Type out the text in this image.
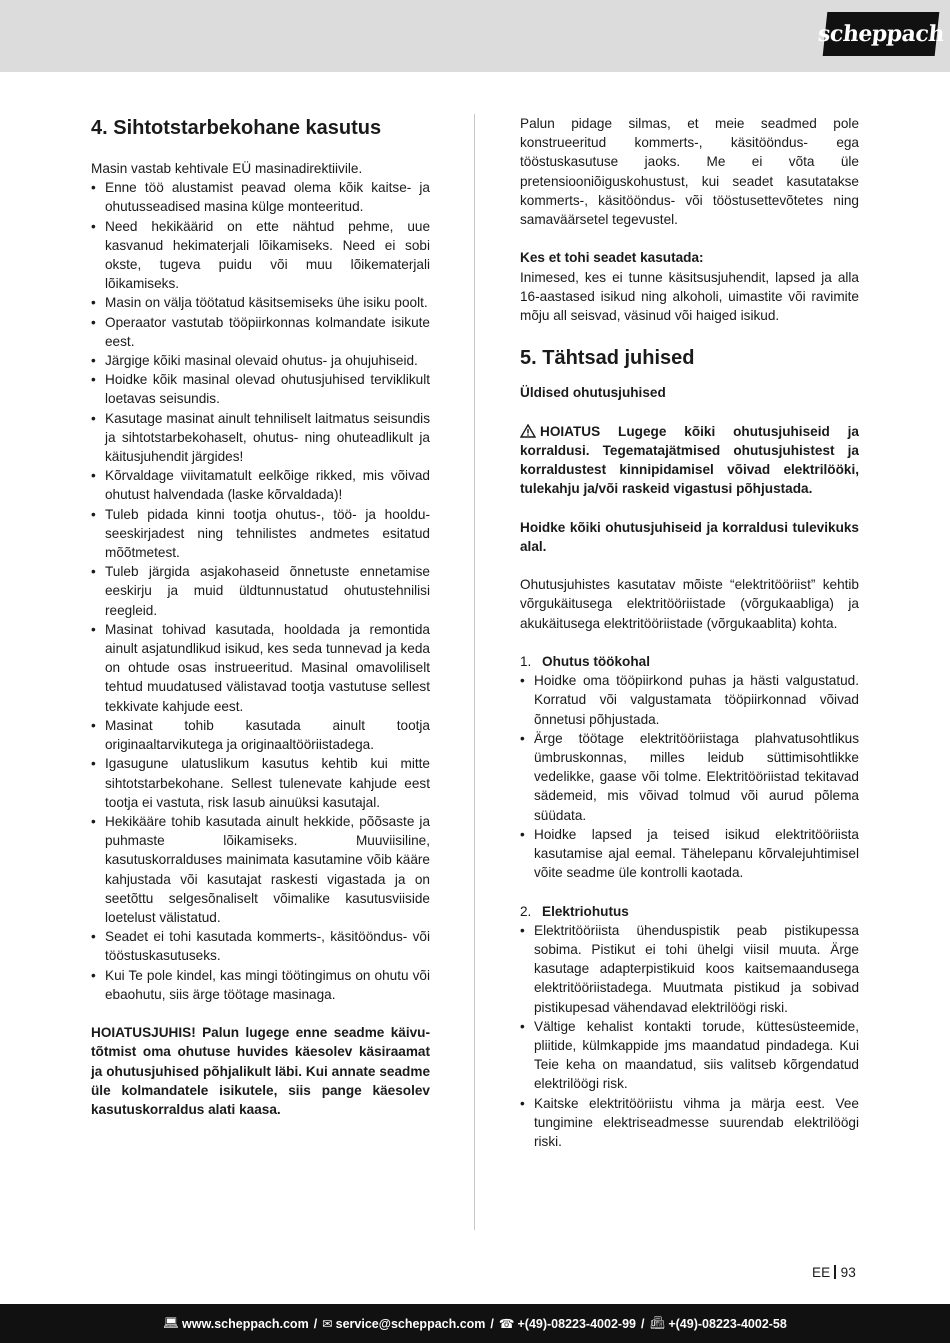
scheppach
4. Sihtotstarbekohane kasutus

Masin vastab kehtivale EÜ masinadirektiivile.

• Enne töö alustamist peavad olema kõik kaitse- ja ohutusseadised masina külge monteeritud.
• Need hekikäärid on ette nähtud pehme, uue kasvanud hekimaterjali lõikamiseks. Need ei sobi okste, tugeva puidu või muu lõikematerjali lõikamiseks.
• Masin on välja töötatud käsitsemiseks ühe isiku poolt.
• Operaator vastutab tööpiirkonnas kolmandate isikute eest.
• Järgige kõiki masinal olevaid ohutus- ja ohujuhiseid.
• Hoidke kõik masinal olevad ohutusjuhised terviklikult loetavas seisundis.
• Kasutage masinat ainult tehniliselt laitmatus seisundis ja sihtotstarbekohaselt, ohutus- ning ohuteadlikult ja käitusjuhendit järgides!
• Kõrvaldage viivitamatult eelkõige rikked, mis võivad ohutust halvendada (laske kõrvaldada)!
• Tuleb pidada kinni tootja ohutus-, töö- ja hoolduseeskirjadest ning tehnilistes andmetes esitatud mõõtmetest.
• Tuleb järgida asjakohaseid õnnetuste ennetamise eeskirju ja muid üldtunnustatud ohutustehnilisi reegleid.
• Masinat tohivad kasutada, hooldada ja remontida ainult asjatundlikud isikud, kes seda tunnevad ja keda on ohtude osas instrueeritud. Masinal omavoliliselt tehtud muudatused välistavad tootja vastutuse sellest tekkivate kahjude eest.
• Masinat tohib kasutada ainult tootja originaaltarvikutega ja originaaltööriistadega.
• Igasugune ulatuslikum kasutus kehtib kui mitte sihtotstarbekohane. Sellest tulenevate kahjude eest tootja ei vastuta, risk lasub ainuüksi kasutajal.
• Hekikääre tohib kasutada ainult hekkide, põõsaste ja puhmaste lõikamiseks. Muuviisiline, kasutuskorralduses mainimata kasutamine võib kääre kahjustada või kasutajat raskesti vigastada ja on seetõttu selgesõnaliselt võimalike kasutusviiside loetelust välistatud.
• Seadet ei tohi kasutada kommerts-, käsitööndus- või tööstuskasutuseks.
• Kui Te pole kindel, kas mingi töötingimus on ohutu või ebaohutu, siis ärge töötage masinaga.

HOIATUSJUHIS! Palun lugege enne seadme käivutõtmist oma ohutuse huvides käesolev käsiraamat ja ohutusjuhised põhjalikult läbi. Kui annate seadme üle kolmandatele isikutele, siis pange käesolev kasutuskorraldus alati kaasa.

Palun pidage silmas, et meie seadmed pole konstrueeritud kommerts-, käsitööndus- ega tööstuskasutuse jaoks. Me ei võta üle pretensiooniõiguskohustust, kui seadet kasutatakse kommerts-, käsitööndus- või tööstusettevõtetes ning samaväärsetel tegevustel.

Kes et tohi seadet kasutada:

Inimesed, kes ei tunne käsitsusjuhendit, lapsed ja alla 16-aastased isikud ning alkoholi, uimastite või ravimite mõju all seisvad, väsinud või haiged isikud.

5. Tähtsad juhised

Üldised ohutusjuhised

HOIATUS Lugege kõiki ohutusjuhiseid ja korraldusi. Tegematajätmised ohutusjuhistest ja korraldustest kinnipidamisel võivad elektrilööki, tulekahju ja/või raskeid vigastusi põhjustada.

Hoidke kõiki ohutusjuhiseid ja korraldusi tulevikuks alal.

Ohutusjuhistes kasutatav mõiste “elektritööriist” kehtib võrgukäitusega elektritööriistade (võrgukaabliga) ja akukäitusega elektritööriistade (võrgukaablita) kohta.

1. Ohutus töökohal
• Hoidke oma tööpiirkond puhas ja hästi valgustatud. Korratud või valgustamata tööpiirkonnad võivad õnnetusi põhjustada.
• Ärge töötage elektritööriistaga plahvatusohtlikus ümbruskonnas, milles leidub süttimisohtlikke vedelikke, gaase või tolme. Elektritööriistad tekitavad sädemeid, mis võivad tolmud või aurud põlema süüdata.
• Hoidke lapsed ja teised isikud elektritööriista kasutamise ajal eemal. Tähelepanu kõrvalejuhtimisel võite seadme üle kontrolli kaotada.
2. Elektriohutus
• Elektritööriista ühenduspistik peab pistikupessa sobima. Pistikut ei tohi ühelgi viisil muuta. Ärge kasutage adapterpistikuid koos kaitsemaandusega elektritööriistadega. Muutmata pistikud ja sobivad pistikupesad vähendavad elektrilöögi riski.
• Vältige kehalist kontakti torude, küttesüsteemide, pliitide, külmkappide jms maandatud pindadega. Kui Teie keha on maandatud, siis valitseb kõrgendatud elektrilöögi risk.
• Kaitske elektritööriistu vihma ja märja eest. Vee tungimine elektriseadmesse suurendab elektrilöögi riski.
EE 93
💻︎ www.scheppach.com / ✉︎ service@scheppach.com / ☎ +(49)-08223-4002-99 / 📠︎ +(49)-08223-4002-58
